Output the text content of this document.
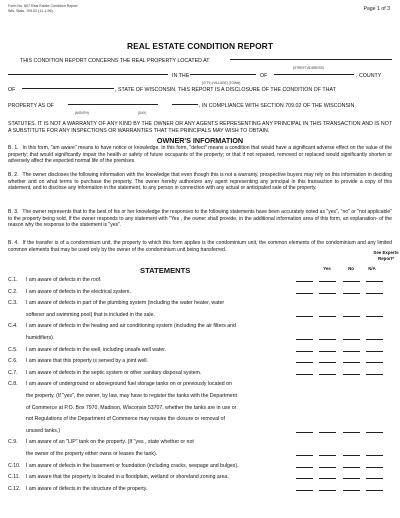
Form No. 807 Real Estate Condition Report
Wis. Stats. 709.02 (11-1-96)	Page 1 of 3
REAL ESTATE CONDITION REPORT
THIS CONDITION REPORT CONCERNS THE REAL PROPERTY LOCATED AT
(STREET ADDRESS)
IN THE	OF	, COUNTY
(CITY) (VILLAGE) (TOWN)
OF	, STATE OF WISCONSIN. THIS REPORT IS A DISCLOSURE OF THE CONDITION OF THAT
PROPERTY AS OF	, IN COMPLIANCE WITH SECTION 709.02 OF THE WISCONSIN
(MONTH)	(DAY)
STATUTES. IT IS NOT A WARRANTY OF ANY KIND BY THE OWNER OR ANY AGENTS REPRESENTING ANY PRINCIPAL IN THIS TRANSACTION AND IS NOT A SUBSTITUTE FOR ANY INSPECTIONS OR WARRANTIES THAT THE PRINCIPALS MAY WISH TO OBTAIN.
OWNER'S INFORMATION
B. 1. In this form, "am aware" means to have notice or knowledge. In this form, "defect" means a condition that would have a significant adverse effect on the value of the property; that would significantly impair the health or safety of future occupants of the property; or that if not repaired, removed or replaced would significantly shorten or adversely affect the expected normal life of the premises.
B. 2. The owner discloses the following information with the knowledge that even though this is not a warranty, prospective buyers may rely on this information in deciding whether and on what terms to purchase the property. The owner hereby authorizes any agent representing any principal in this transaction to provide a copy of this statement, and to disclose any information in the statement, to any person in connection with any actual or anticipated sale of the property.
B. 3. The owner represents that to the best of his or her knowledge the responses to the following statements have been accurately noted as "yes", "no" or "not applicable" to the property being sold. If the owner responds to any statement with "Yes , the owner shall provide, in the additional information area of this form, an explanation- of the reason why the response to the statement is "yes".
B. 4. If the transfer is of a condominium unit, the property to which this form applies is the condominium unit, the common elements of the condominium and any limited common elements that may be used only by the owner of the condominium unit being transferred.
STATEMENTS	Yes	No	N/A
See Experts Report*
C.1. I am aware of defects in the roof.
C.2. I am aware of defects in the electrical system.
C.3. I am aware of defects in part of the plumbing system (including the water heater, water
softener and swimming pool) that is included in the sale.
C.4. I am aware of defects in the heating and air conditioning system (including the air filters and
humidifiers).
C.5. I am aware of defects in the well, including unsafe well water.
C.6. I am aware that this property is served by a joint well.
C.7. I am aware of defects in the septic system or other sanitary disposal system.
C.8. I am aware of underground or aboveground fuel storage tanks on or previously located on
the property. (If "yes", the owner, by law, may have to register the tanks with the Department
of Commerce at P.O. Box 7970, Madison, Wisconsin 53707, whether the tanks are in use or
not Regulations of the Department of Commerce may require the closure or removal of
unused tanks.)
C.9. I am aware of an "LIP" tank on the property. (If "yes , state whether or not
the owner of the property either owns or leases the tank).
C.10. I am aware of defects in the basement or foundation (including cracks, seepage and bulges).
C.11. I am aware that the property is located in a floodplain, wetland or shoreland zoning area.
C.12. I am aware of defects in the structure of the property.
